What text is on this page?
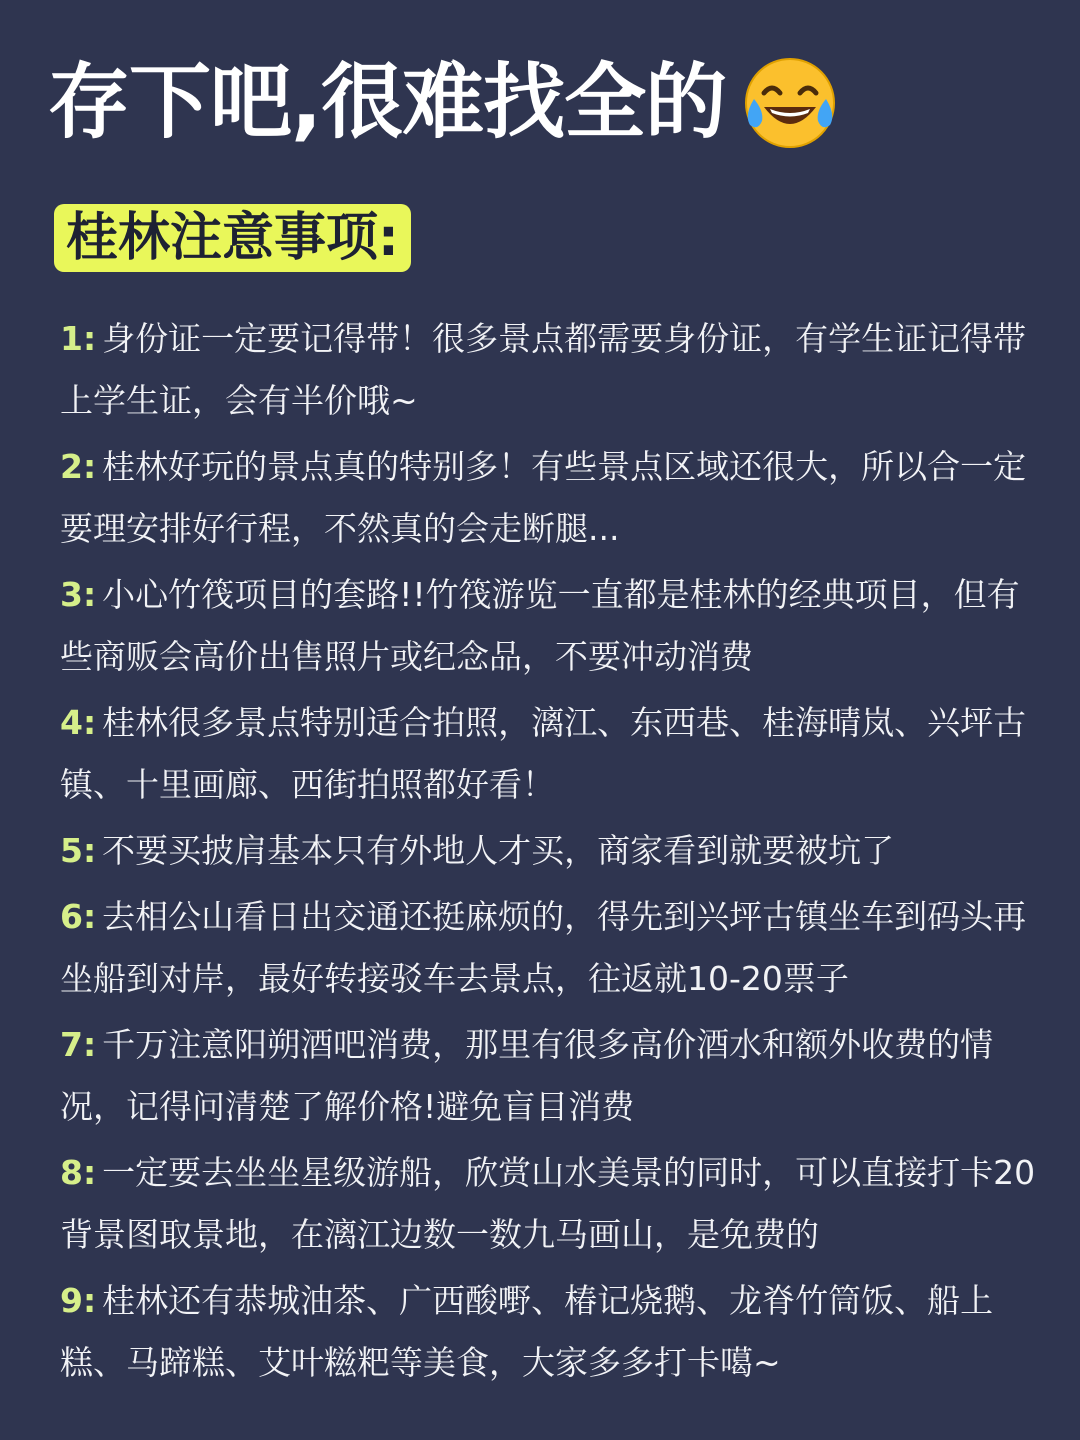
存下吧,很难找全的
桂林注意事项:
1: 身份证一定要记得带！很多景点都需要身份证，有学生证记得带上学生证，会有半价哦~
2: 桂林好玩的景点真的特别多！有些景点区域还很大，所以合一定要理安排好行程，不然真的会走断腿...
3: 小心竹筏项目的套路!!竹筏游览一直都是桂林的经典项目，但有些商贩会高价出售照片或纪念品，不要冲动消费
4: 桂林很多景点特别适合拍照，漓江、东西巷、桂海晴岚、兴坪古镇、十里画廊、西街拍照都好看！
5: 不要买披肩基本只有外地人才买，商家看到就要被坑了
6: 去相公山看日出交通还挺麻烦的，得先到兴坪古镇坐车到码头再坐船到对岸，最好转接驳车去景点，往返就10-20票子
7: 千万注意阳朔酒吧消费，那里有很多高价酒水和额外收费的情况，记得问清楚了解价格!避免盲目消费
8: 一定要去坐坐星级游船，欣赏山水美景的同时，可以直接打卡20背景图取景地，在漓江边数一数九马画山，是免费的
9: 桂林还有恭城油茶、广西酸嘢、椿记烧鹅、龙脊竹筒饭、船上糕、马蹄糕、艾叶糍粑等美食，大家多多打卡噶~
